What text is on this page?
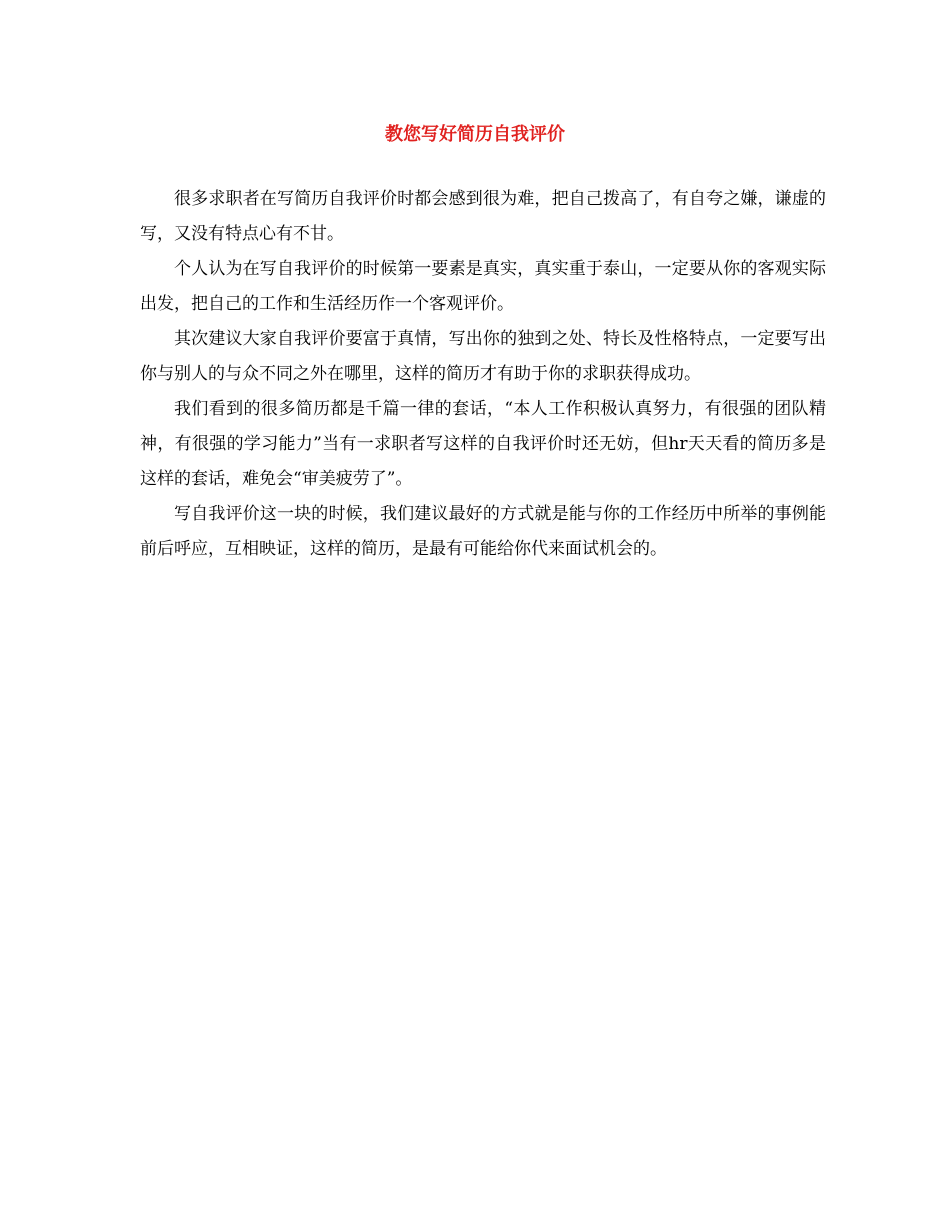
教您写好简历自我评价

很多求职者在写简历自我评价时都会感到很为难，把自己拨高了，有自夸之嫌，谦虚的写，又没有特点心有不甘。

个人认为在写自我评价的时候第一要素是真实，真实重于泰山，一定要从你的客观实际出发，把自己的工作和生活经历作一个客观评价。

其次建议大家自我评价要富于真情，写出你的独到之处、特长及性格特点，一定要写出你与别人的与众不同之外在哪里，这样的简历才有助于你的求职获得成功。

我们看到的很多简历都是千篇一律的套话，“本人工作积极认真努力，有很强的团队精神，有很强的学习能力”当有一求职者写这样的自我评价时还无妨，但hr天天看的简历多是这样的套话，难免会“审美疲劳了”。

写自我评价这一块的时候，我们建议最好的方式就是能与你的工作经历中所举的事例能前后呼应，互相映证，这样的简历，是最有可能给你代来面试机会的。
